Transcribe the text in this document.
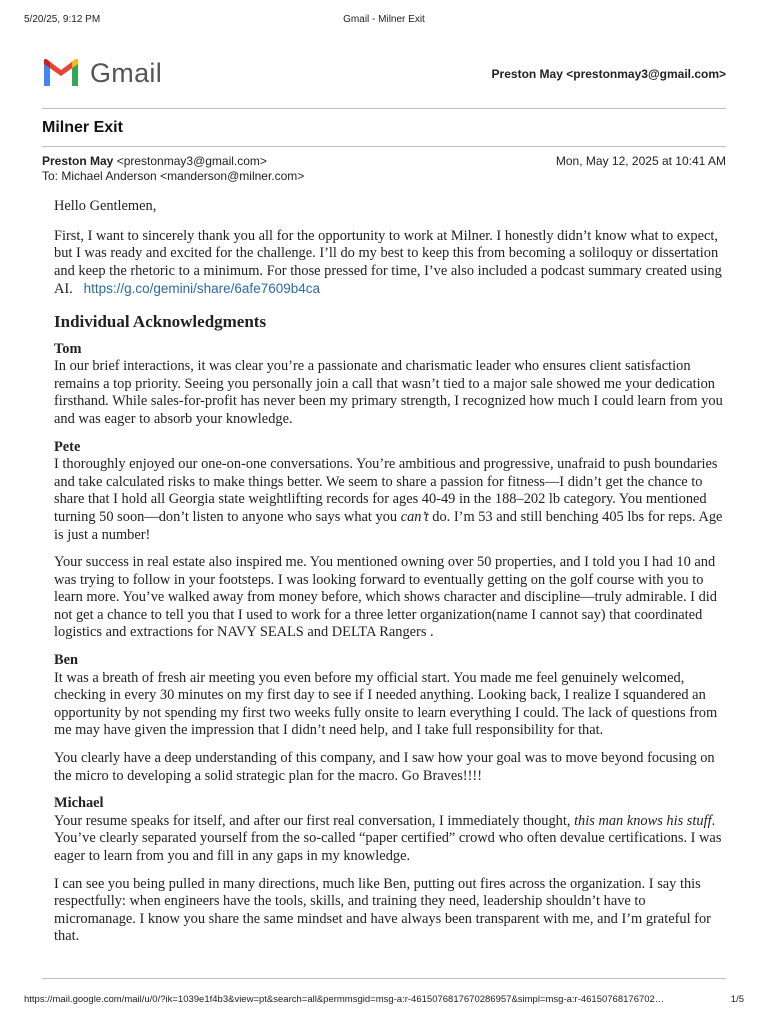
5/20/25, 9:12 PM	Gmail - Milner Exit
Gmail	Preston May <prestonmay3@gmail.com>
Milner Exit
Preston May <prestonmay3@gmail.com>
To: Michael Anderson <manderson@milner.com>
Mon, May 12, 2025 at 10:41 AM

Hello Gentlemen,

First, I want to sincerely thank you all for the opportunity to work at Milner. I honestly didn’t know what to expect, but I was ready and excited for the challenge. I’ll do my best to keep this from becoming a soliloquy or dissertation and keep the rhetoric to a minimum. For those pressed for time, I’ve also included a podcast summary created using AI. https://g.co/gemini/share/6afe7609b4ca

Individual Acknowledgments
Tom

In our brief interactions, it was clear you’re a passionate and charismatic leader who ensures client satisfaction remains a top priority. Seeing you personally join a call that wasn’t tied to a major sale showed me your dedication firsthand. While sales-for-profit has never been my primary strength, I recognized how much I could learn from you and was eager to absorb your knowledge.

Pete

I thoroughly enjoyed our one-on-one conversations. You’re ambitious and progressive, unafraid to push boundaries and take calculated risks to make things better. We seem to share a passion for fitness—I didn’t get the chance to share that I hold all Georgia state weightlifting records for ages 40-49 in the 188–202 lb category. You mentioned turning 50 soon—don’t listen to anyone who says what you can’t do. I’m 53 and still benching 405 lbs for reps. Age is just a number!

Your success in real estate also inspired me. You mentioned owning over 50 properties, and I told you I had 10 and was trying to follow in your footsteps. I was looking forward to eventually getting on the golf course with you to learn more. You’ve walked away from money before, which shows character and discipline—truly admirable. I did not get a chance to tell you that I used to work for a three letter organization(name I cannot say) that coordinated logistics and extractions for NAVY SEALS and DELTA Rangers .

Ben

It was a breath of fresh air meeting you even before my official start. You made me feel genuinely welcomed, checking in every 30 minutes on my first day to see if I needed anything. Looking back, I realize I squandered an opportunity by not spending my first two weeks fully onsite to learn everything I could. The lack of questions from me may have given the impression that I didn’t need help, and I take full responsibility for that.

You clearly have a deep understanding of this company, and I saw how your goal was to move beyond focusing on the micro to developing a solid strategic plan for the macro. Go Braves!!!!

Michael

Your resume speaks for itself, and after our first real conversation, I immediately thought, this man knows his stuff. You’ve clearly separated yourself from the so-called “paper certified” crowd who often devalue certifications. I was eager to learn from you and fill in any gaps in my knowledge.

I can see you being pulled in many directions, much like Ben, putting out fires across the organization. I say this respectfully: when engineers have the tools, skills, and training they need, leadership shouldn’t have to micromanage. I know you share the same mindset and have always been transparent with me, and I’m grateful for that.

https://mail.google.com/mail/u/0/?ik=1039e1f4b3&view=pt&search=all&permmsgid=msg-a:r-4615076817670286957&simpl=msg-a:r-46150768176702…	1/5
